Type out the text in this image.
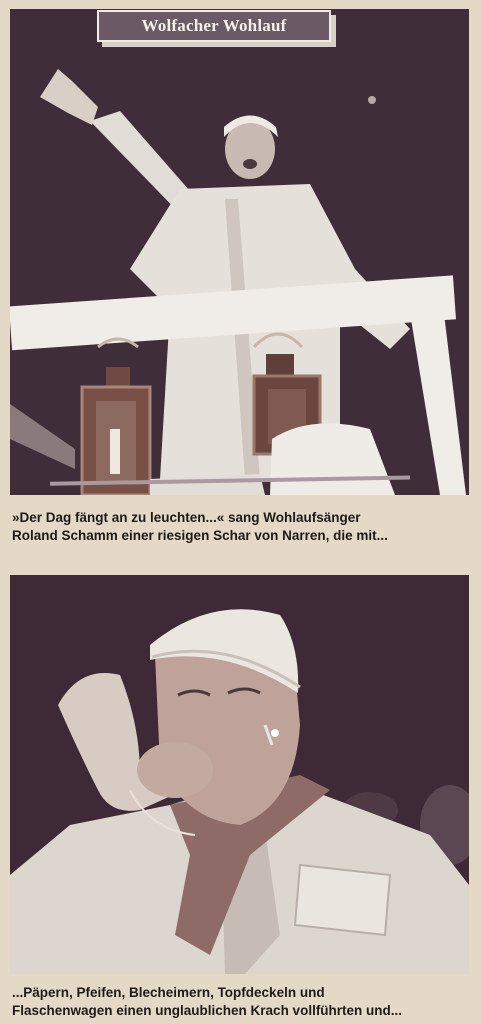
Wolfacher Wohlauf
»Der Dag fängt an zu leuchten...« sang Wohlaufsänger
Roland Schamm einer riesigen Schar von Narren, die mit...
...Päpern, Pfeifen, Blecheimern, Topfdeckeln und
Flaschenwagen einen unglaublichen Krach vollführten und...
